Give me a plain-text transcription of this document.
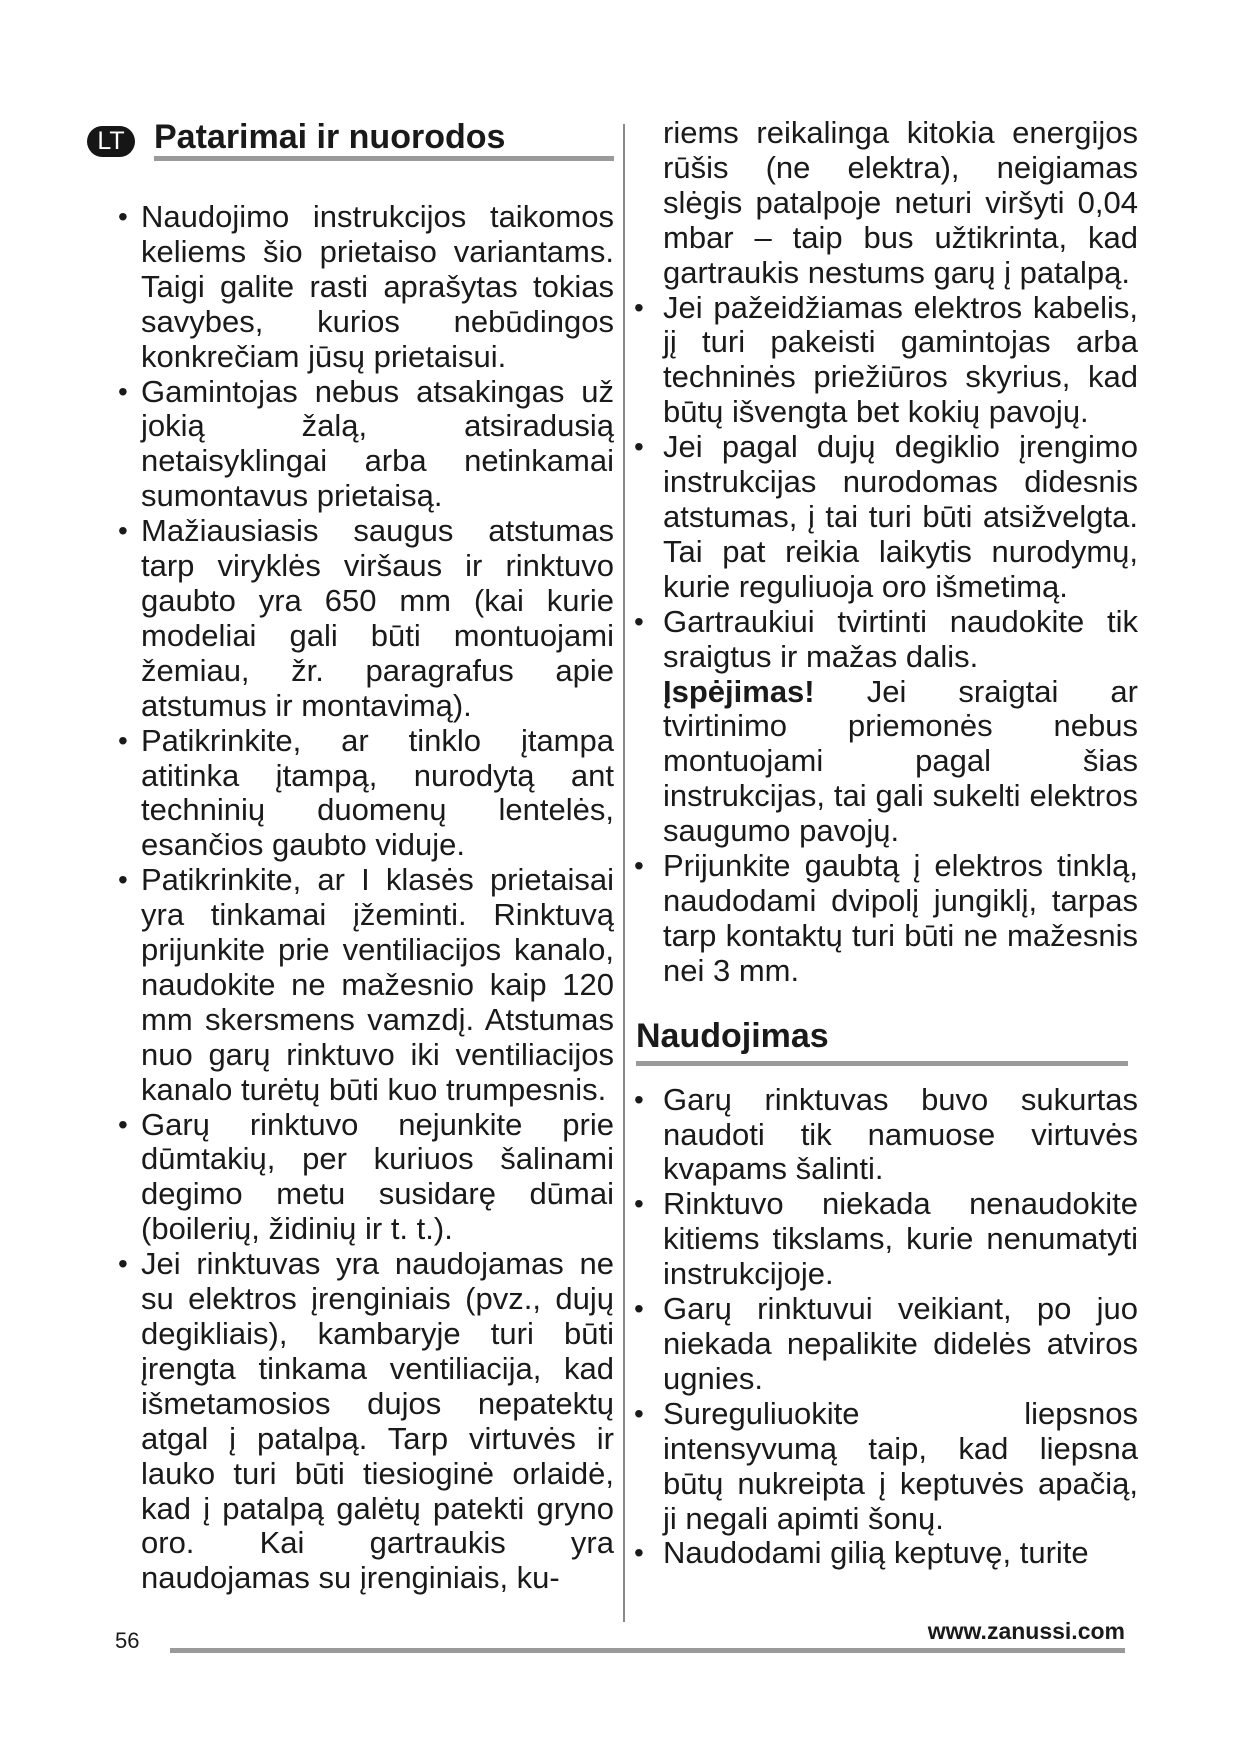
LT Patarimai ir nuorodos
• Naudojimo instrukcijos taikomos keliems šio prietaiso variantams. Taigi galite rasti aprašytas tokias savybes, kurios nebūdingos konkrečiam jūsų prietaisui.
• Gamintojas nebus atsakingas už jokią žalą, atsiradusią netaisyklingai arba netinkamai sumontavus prietaisą.
• Mažiausiasis saugus atstumas tarp viryklės viršaus ir rinktuvo gaubto yra 650 mm (kai kurie modeliai gali būti montuojami žemiau, žr. paragrafus apie atstumus ir montavimą).
• Patikrinkite, ar tinklo įtampa atitinka įtampą, nurodytą ant techninių duomenų lentelės, esančios gaubto viduje.
• Patikrinkite, ar I klasės prietaisai yra tinkamai įžeminti. Rinktuvą prijunkite prie ventiliacijos kanalo, naudokite ne mažesnio kaip 120 mm skersmens vamzdį. Atstumas nuo garų rinktuvo iki ventiliacijos kanalo turėtų būti kuo trumpesnis.
• Garų rinktuvo nejunkite prie dūmtakių, per kuriuos šalinami degimo metu susidarę dūmai (boilerių, židinių ir t. t.).
• Jei rinktuvas yra naudojamas ne su elektros įrenginiais (pvz., dujų degikliais), kambaryje turi būti įrengta tinkama ventiliacija, kad išmetamosios dujos nepatektų atgal į patalpą. Tarp virtuvės ir lauko turi būti tiesioginė orlaidė, kad į patalpą galėtų patekti gryno oro. Kai gartraukis yra naudojamas su įrenginiais, ku-

riems reikalinga kitokia energijos rūšis (ne elektra), neigiamas slėgis patalpoje neturi viršyti 0,04 mbar – taip bus užtikrinta, kad gartraukis nestums garų į patalpą.

• Jei pažeidžiamas elektros kabelis, jį turi pakeisti gamintojas arba techninės priežiūros skyrius, kad būtų išvengta bet kokių pavojų.
• Jei pagal dujų degiklio įrengimo instrukcijas nurodomas didesnis atstumas, į tai turi būti atsižvelgta. Tai pat reikia laikytis nurodymų, kurie reguliuoja oro išmetimą.
• Gartraukiui tvirtinti naudokite tik sraigtus ir mažas dalis.
Įspėjimas! Jei sraigtai ar tvirtinimo priemonės nebus montuojami pagal šias instrukcijas, tai gali sukelti elektros saugumo pavojų.
• Prijunkite gaubtą į elektros tinklą, naudodami dvipolį jungiklį, tarpas tarp kontaktų turi būti ne mažesnis nei 3 mm.
Naudojimas
• Garų rinktuvas buvo sukurtas naudoti tik namuose virtuvės kvapams šalinti.
• Rinktuvo niekada nenaudokite kitiems tikslams, kurie nenumatyti instrukcijoje.
• Garų rinktuvui veikiant, po juo niekada nepalikite didelės atviros ugnies.
• Sureguliuokite liepsnos intensyvumą taip, kad liepsna būtų nukreipta į keptuvės apačią, ji negali apimti šonų.
• Naudodami gilią keptuvę, turite
56	www.zanussi.com
